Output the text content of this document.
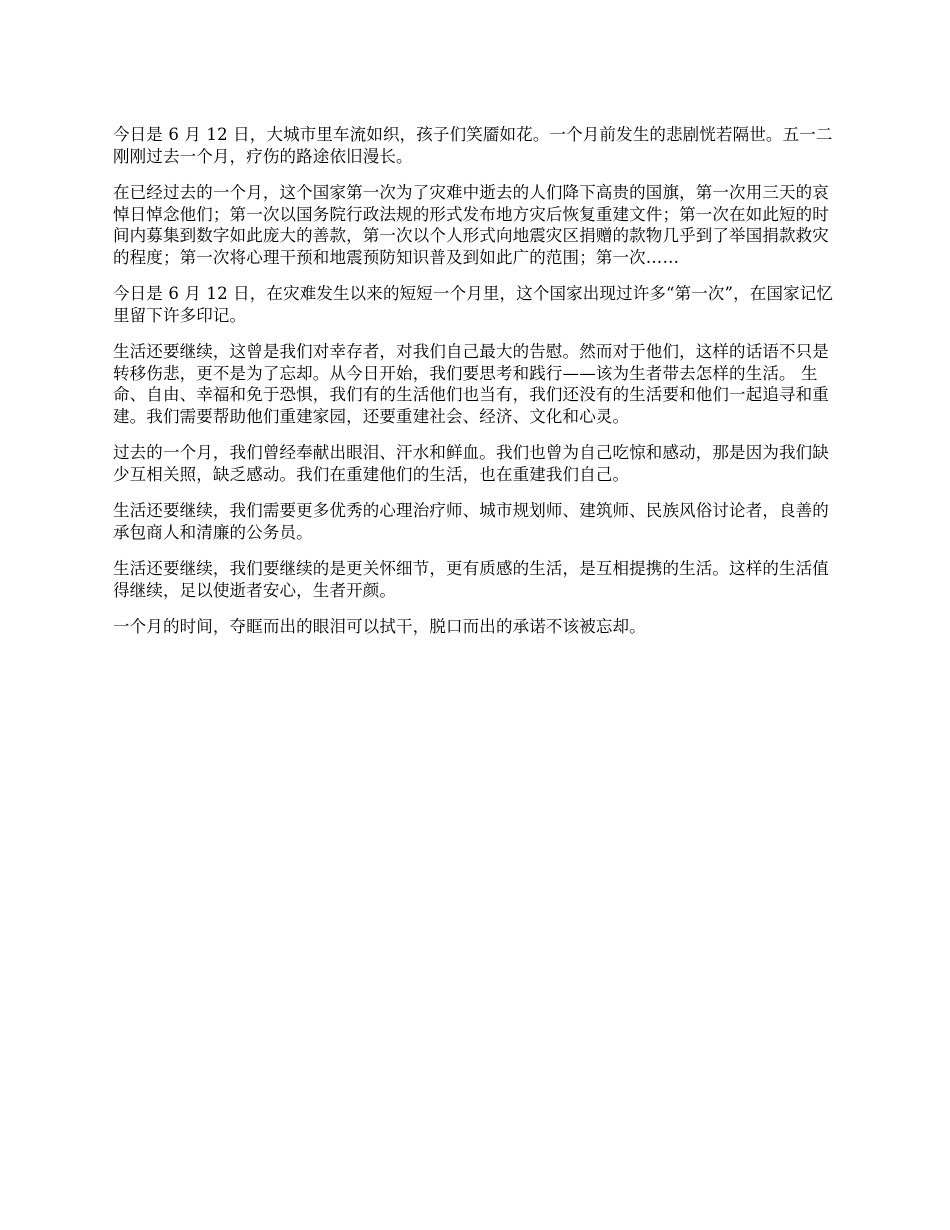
今日是 6 月 12 日，大城市里车流如织，孩子们笑靥如花。一个月前发生的悲剧恍若隔世。五一二刚刚过去一个月，疗伤的路途依旧漫长。

在已经过去的一个月，这个国家第一次为了灾难中逝去的人们降下高贵的国旗，第一次用三天的哀悼日悼念他们；第一次以国务院行政法规的形式发布地方灾后恢复重建文件；第一次在如此短的时间内募集到数字如此庞大的善款，第一次以个人形式向地震灾区捐赠的款物几乎到了举国捐款救灾的程度；第一次将心理干预和地震预防知识普及到如此广的范围；第一次……

今日是 6 月 12 日，在灾难发生以来的短短一个月里，这个国家出现过许多“第一次”，在国家记忆里留下许多印记。

生活还要继续，这曾是我们对幸存者，对我们自己最大的告慰。然而对于他们，这样的话语不只是转移伤悲，更不是为了忘却。从今日开始，我们要思考和践行——该为生者带去怎样的生活。 生命、自由、幸福和免于恐惧，我们有的生活他们也当有，我们还没有的生活要和他们一起追寻和重建。我们需要帮助他们重建家园，还要重建社会、经济、文化和心灵。

过去的一个月，我们曾经奉献出眼泪、汗水和鲜血。我们也曾为自己吃惊和感动，那是因为我们缺少互相关照，缺乏感动。我们在重建他们的生活，也在重建我们自己。

生活还要继续，我们需要更多优秀的心理治疗师、城市规划师、建筑师、民族风俗讨论者，良善的承包商人和清廉的公务员。

生活还要继续，我们要继续的是更关怀细节，更有质感的生活，是互相提携的生活。这样的生活值得继续，足以使逝者安心，生者开颜。

一个月的时间，夺眶而出的眼泪可以拭干，脱口而出的承诺不该被忘却。
